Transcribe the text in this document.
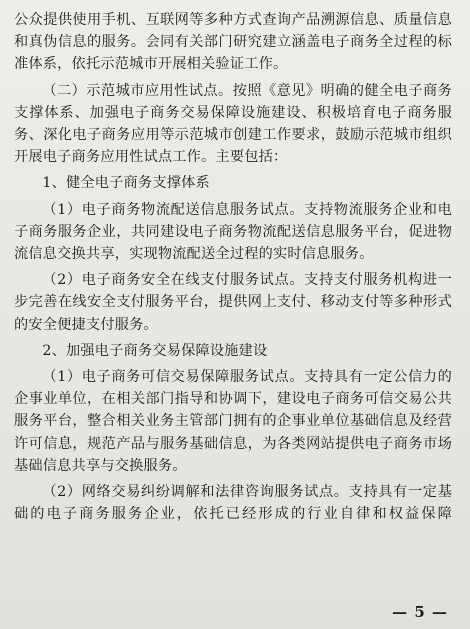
公众提供使用手机、互联网等多种方式查询产品溯源信息、质量信息和真伪信息的服务。会同有关部门研究建立涵盖电子商务全过程的标准体系，依托示范城市开展相关验证工作。

（二）示范城市应用性试点。按照《意见》明确的健全电子商务支撑体系、加强电子商务交易保障设施建设、积极培育电子商务服务、深化电子商务应用等示范城市创建工作要求，鼓励示范城市组织开展电子商务应用性试点工作。主要包括：

1、健全电子商务支撑体系

（1）电子商务物流配送信息服务试点。支持物流服务企业和电子商务服务企业，共同建设电子商务物流配送信息服务平台，促进物流信息交换共享，实现物流配送全过程的实时信息服务。

（2）电子商务安全在线支付服务试点。支持支付服务机构进一步完善在线安全支付服务平台，提供网上支付、移动支付等多种形式的安全便捷支付服务。

2、加强电子商务交易保障设施建设

（1）电子商务可信交易保障服务试点。支持具有一定公信力的企事业单位，在相关部门指导和协调下，建设电子商务可信交易公共服务平台，整合相关业务主管部门拥有的企事业单位基础信息及经营许可信息，规范产品与服务基础信息，为各类网站提供电子商务市场基础信息共享与交换服务。

（2）网络交易纠纷调解和法律咨询服务试点。支持具有一定基础的电子商务服务企业，依托已经形成的行业自律和权益保障

— 5 —
